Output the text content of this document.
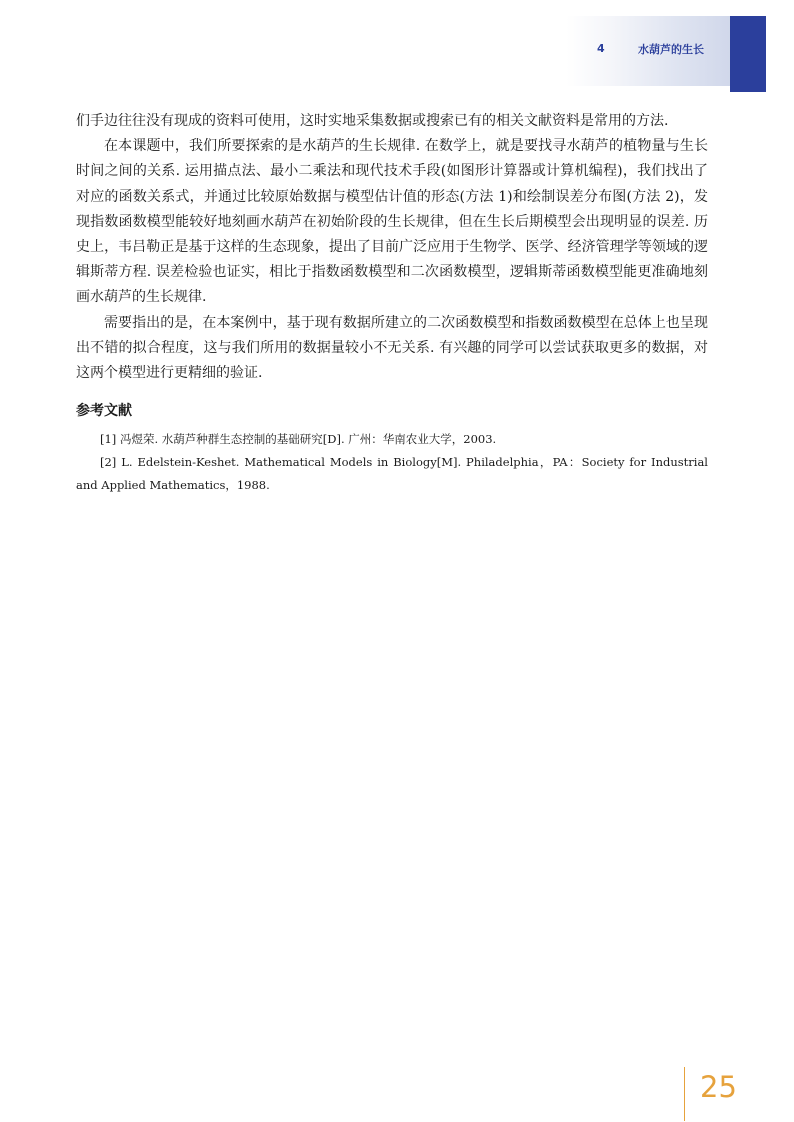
4	水葫芦的生长

们手边往往没有现成的资料可使用，这时实地采集数据或搜索已有的相关文献资料是常用的方法.

在本课题中，我们所要探索的是水葫芦的生长规律. 在数学上，就是要找寻水葫芦的植物量与生长时间之间的关系. 运用描点法、最小二乘法和现代技术手段(如图形计算器或计算机编程)，我们找出了对应的函数关系式，并通过比较原始数据与模型估计值的形态(方法 1)和绘制误差分布图(方法 2)，发现指数函数模型能较好地刻画水葫芦在初始阶段的生长规律，但在生长后期模型会出现明显的误差. 历史上，韦吕勒正是基于这样的生态现象，提出了目前广泛应用于生物学、医学、经济管理学等领域的逻辑斯蒂方程. 误差检验也证实，相比于指数函数模型和二次函数模型，逻辑斯蒂函数模型能更准确地刻画水葫芦的生长规律.

需要指出的是，在本案例中，基于现有数据所建立的二次函数模型和指数函数模型在总体上也呈现出不错的拟合程度，这与我们所用的数据量较小不无关系. 有兴趣的同学可以尝试获取更多的数据，对这两个模型进行更精细的验证.

参考文献

[1] 冯煜荣. 水葫芦种群生态控制的基础研究[D]. 广州：华南农业大学，2003.

[2] L. Edelstein-Keshet. Mathematical Models in Biology[M]. Philadelphia，PA：Society for Industrial and Applied Mathematics，1988.

25
